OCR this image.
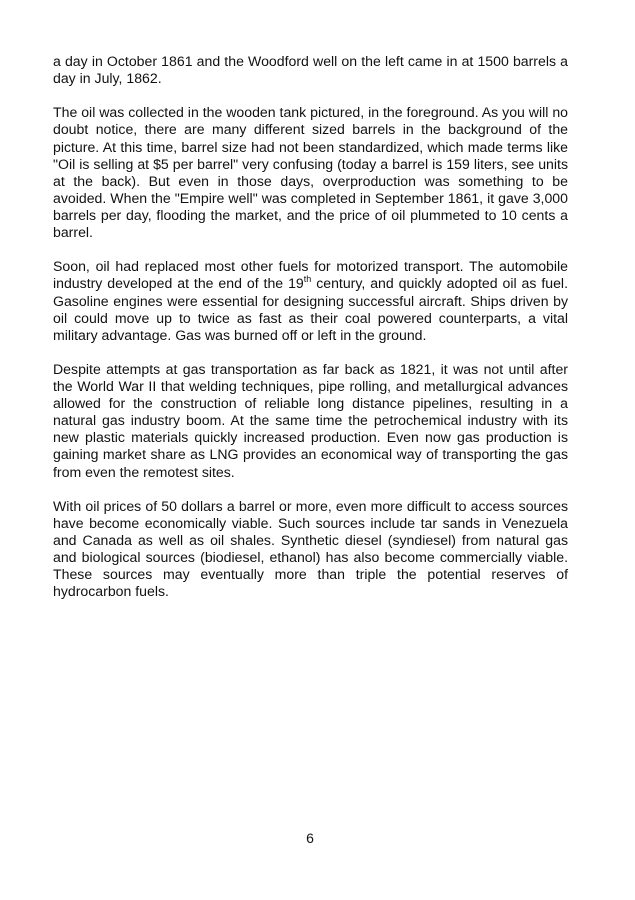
a day in October 1861 and the Woodford well on the left came in at 1500 barrels a day in July, 1862.

The oil was collected in the wooden tank pictured, in the foreground. As you will no doubt notice, there are many different sized barrels in the background of the picture. At this time, barrel size had not been standardized, which made terms like "Oil is selling at $5 per barrel" very confusing (today a barrel is 159 liters, see units at the back). But even in those days, overproduction was something to be avoided. When the "Empire well" was completed in September 1861, it gave 3,000 barrels per day, flooding the market, and the price of oil plummeted to 10 cents a barrel.

Soon, oil had replaced most other fuels for motorized transport. The automobile industry developed at the end of the 19th century, and quickly adopted oil as fuel. Gasoline engines were essential for designing successful aircraft. Ships driven by oil could move up to twice as fast as their coal powered counterparts, a vital military advantage. Gas was burned off or left in the ground.

Despite attempts at gas transportation as far back as 1821, it was not until after the World War II that welding techniques, pipe rolling, and metallurgical advances allowed for the construction of reliable long distance pipelines, resulting in a natural gas industry boom. At the same time the petrochemical industry with its new plastic materials quickly increased production. Even now gas production is gaining market share as LNG provides an economical way of transporting the gas from even the remotest sites.

With oil prices of 50 dollars a barrel or more, even more difficult to access sources have become economically viable. Such sources include tar sands in Venezuela and Canada as well as oil shales. Synthetic diesel (syndiesel) from natural gas and biological sources (biodiesel, ethanol) has also become commercially viable. These sources may eventually more than triple the potential reserves of hydrocarbon fuels.

6
